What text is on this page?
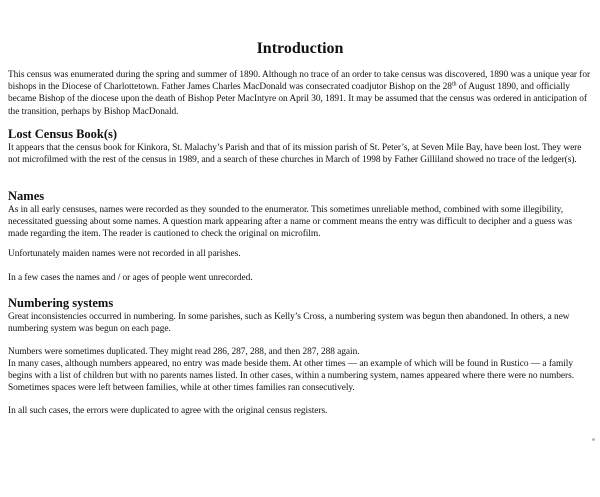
Introduction

This census was enumerated during the spring and summer of 1890. Although no trace of an order to take census was discovered, 1890 was a unique year for bishops in the Diocese of Charlottetown. Father James Charles MacDonald was consecrated coadjutor Bishop on the 28th of August 1890, and officially became Bishop of the diocese upon the death of Bishop Peter MacIntyre on April 30, 1891. It may be assumed that the census was ordered in anticipation of the transition, perhaps by Bishop MacDonald.

Lost Census Book(s)

It appears that the census book for Kinkora, St. Malachy’s Parish and that of its mission parish of St. Peter’s, at Seven Mile Bay, have been lost. They were not microfilmed with the rest of the census in 1989, and a search of these churches in March of 1998 by Father Gilliland showed no trace of the ledger(s).

Names

As in all early censuses, names were recorded as they sounded to the enumerator. This sometimes unreliable method, combined with some illegibility, necessitated guessing about some names. A question mark appearing after a name or comment means the entry was difficult to decipher and a guess was made regarding the item. The reader is cautioned to check the original on microfilm.

Unfortunately maiden names were not recorded in all parishes.

In a few cases the names and / or ages of people went unrecorded.

Numbering systems

Great inconsistencies occurred in numbering. In some parishes, such as Kelly’s Cross, a numbering system was begun then abandoned. In others, a new numbering system was begun on each page.

Numbers were sometimes duplicated. They might read 286, 287, 288, and then 287, 288 again.

In many cases, although numbers appeared, no entry was made beside them. At other times — an example of which will be found in Rustico — a family begins with a list of children but with no parents names listed. In other cases, within a numbering system, names appeared where there were no numbers. Sometimes spaces were left between families, while at other times families ran consecutively.

In all such cases, the errors were duplicated to agree with the original census registers.
